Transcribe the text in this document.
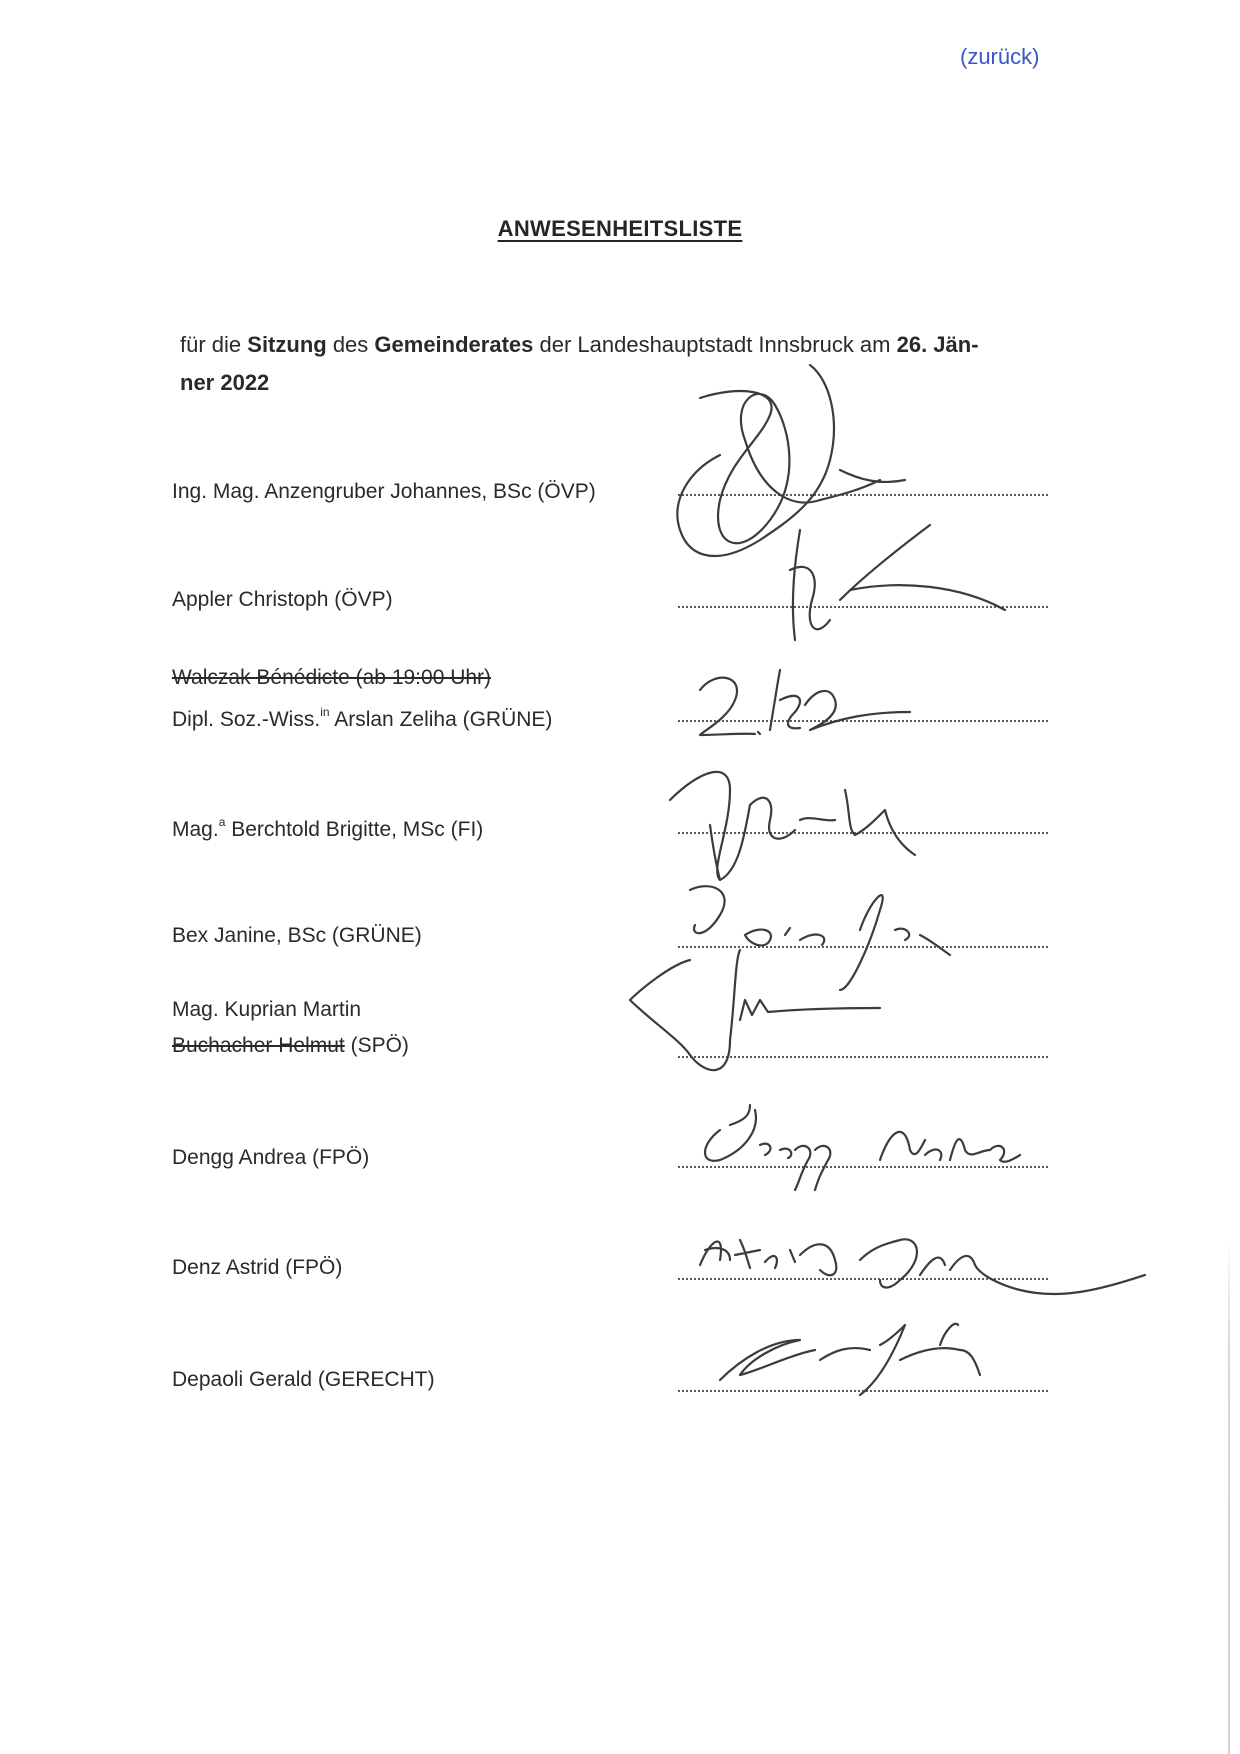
(zurück)
ANWESENHEITSLISTE
für die Sitzung des Gemeinderates der Landeshauptstadt Innsbruck am 26. Jän-
ner 2022
Ing. Mag. Anzengruber Johannes, BSc (ÖVP)
Appler Christoph (ÖVP)
Walczak Bénédicte (ab 19:00 Uhr)
Dipl. Soz.-Wiss.$^{in}$ Arslan Zeliha (GRÜNE)
Mag.$^a$ Berchtold Brigitte, MSc (FI)
Bex Janine, BSc (GRÜNE)
Mag. Kuprian Martin
Buchacher Helmut (SPÖ)
Dengg Andrea (FPÖ)
Denz Astrid (FPÖ)
Depaoli Gerald (GERECHT)
